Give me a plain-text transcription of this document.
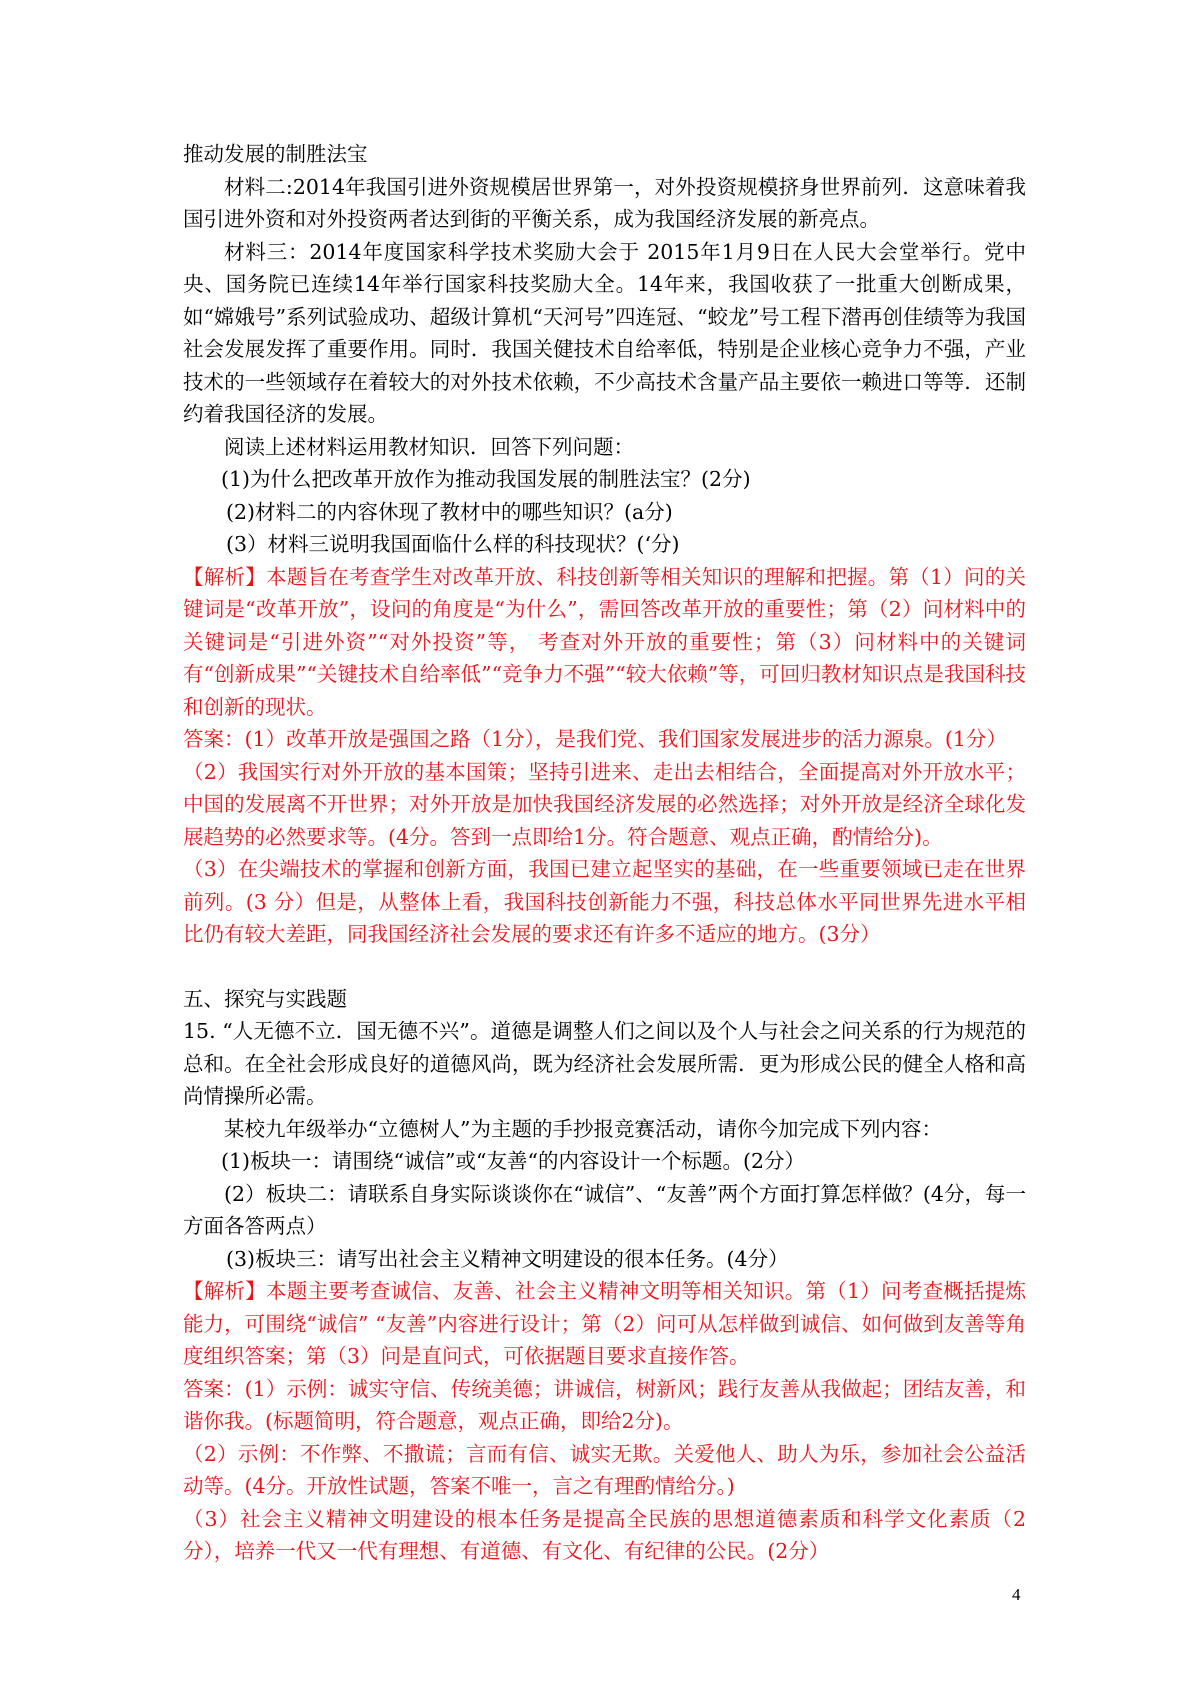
推动发展的制胜法宝

材料二:2014年我国引进外资规模居世界第一，对外投资规模挤身世界前列．这意味着我国引进外资和对外投资两者达到街的平衡关系，成为我国经济发展的新亮点。

材料三：2014年度国家科学技术奖励大会于 2015年1月9日在人民大会堂举行。党中央、国务院已连续14年举行国家科技奖励大全。14年来，我国收获了一批重大创断成果，如“嫦娥号”系列试验成功、超级计算机“天河号”四连冠、“蛟龙”号工程下潜再创佳绩等为我国社会发展发挥了重要作用。同时．我国关健技术自给率低，特别是企业核心竞争力不强，产业技术的一些领域存在着较大的对外技术依赖，不少高技术含量产品主要依一赖进口等等．还制约着我国径济的发展。

阅读上述材料运用教材知识．回答下列问题：

(1)为什么把改革开放作为推动我国发展的制胜法宝？(2分)

(2)材料二的内容休现了教材中的哪些知识？(a分)

(3）材料三说明我国面临什么样的科技现状？(‘分)

【解析】本题旨在考查学生对改革开放、科技创新等相关知识的理解和把握。第（1）问的关键词是“改革开放”，设问的角度是“为什么”，需回答改革开放的重要性；第（2）问材料中的关键词是“引进外资”“对外投资”等， 考查对外开放的重要性；第（3）问材料中的关键词有“创新成果”“关键技术自给率低”“竞争力不强”“较大依赖”等，可回归教材知识点是我国科技和创新的现状。

答案：(1）改革开放是强国之路（1分），是我们党、我们国家发展进步的活力源泉。(1分）

（2）我国实行对外开放的基本国策；坚持引进来、走出去相结合，全面提高对外开放水平；中国的发展离不开世界；对外开放是加快我国经济发展的必然选择；对外开放是经济全球化发展趋势的必然要求等。(4分。答到一点即给1分。符合题意、观点正确，酌情给分)。

（3）在尖端技术的掌握和创新方面，我国已建立起坚实的基础，在一些重要领域已走在世界前列。(3 分）但是，从整体上看，我国科技创新能力不强，科技总体水平同世界先进水平相比仍有较大差距，同我国经济社会发展的要求还有许多不适应的地方。(3分）

五、探究与实践题

15. “人无德不立．国无德不兴”。道德是调整人们之间以及个人与社会之问关系的行为规范的总和。在全社会形成良好的道德风尚，既为经济社会发展所需．更为形成公民的健全人格和高尚情操所必需。

某校九年级举办“立德树人”为主题的手抄报竞赛活动，请你今加完成下列内容：

(1)板块一：请围绕“诚信”或“友善“的内容设计一个标题。(2分）

(2）板块二：请联系自身实际谈谈你在“诚信”、“友善”两个方面打算怎样做？(4分，每一方面各答两点）

(3)板块三：请写出社会主义精神文明建设的很本任务。(4分）

【解析】本题主要考查诚信、友善、社会主义精神文明等相关知识。第（1）问考查概括提炼能力，可围绕“诚信” “友善”内容进行设计；第（2）问可从怎样做到诚信、如何做到友善等角度组织答案；第（3）问是直问式，可依据题目要求直接作答。

答案：(1）示例：诚实守信、传统美德；讲诚信，树新风；践行友善从我做起；团结友善，和谐你我。(标题简明，符合题意，观点正确，即给2分)。

（2）示例：不作弊、不撒谎；言而有信、诚实无欺。关爱他人、助人为乐，参加社会公益活动等。(4分。开放性试题，答案不唯一，言之有理酌情给分。)

（3）社会主义精神文明建设的根本任务是提高全民族的思想道德素质和科学文化素质（2分），培养一代又一代有理想、有道德、有文化、有纪律的公民。(2分）

4
